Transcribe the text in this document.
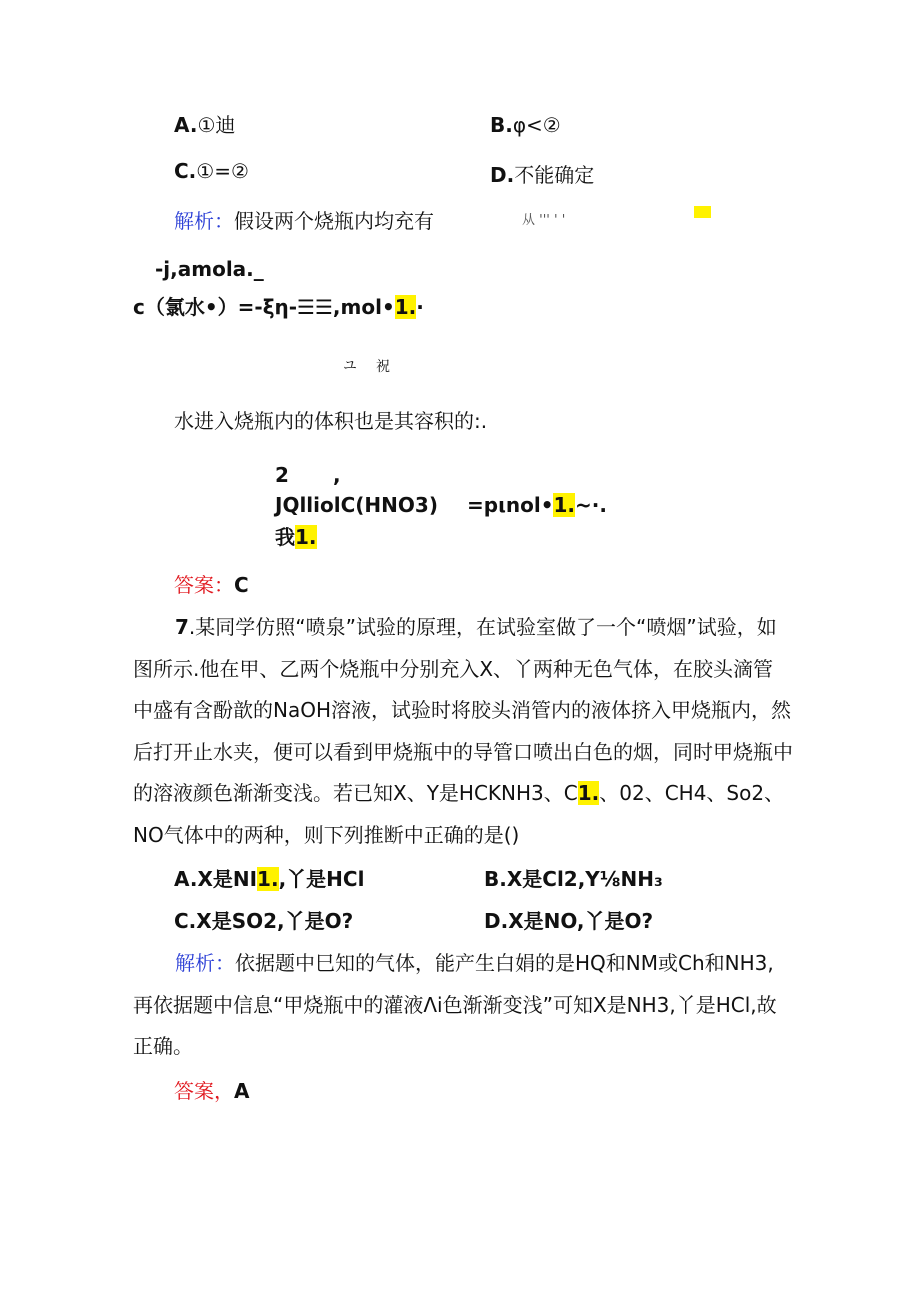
A.①迪	B.φ<②
C.①=②	D.不能确定
解析：假设两个烧瓶内均充有	从 ''' ' '
-j,amola._
c（氯水•）=-ξη-☰☰,mol•1.·
ユ 祝
水进入烧瓶内的体积也是其容积的:.
2 ,
JQlliolC(HNO3) =pιnol•1.~·.
我1.
答案：C
7.某同学仿照“喷泉”试验的原理，在试验室做了一个“喷烟”试验，如图所示.他在甲、乙两个烧瓶中分别充入X、丫两种无色气体，在胶头滴管中盛有含酚歆的NaOH溶液，试验时将胶头消管内的液体挤入甲烧瓶内，然后打开止水夹，便可以看到甲烧瓶中的导管口喷出白色的烟，同时甲烧瓶中的溶液颜色渐渐变浅。若已知X、Y是HCKNH3、C1.、02、CH4、So2、NO气体中的两种，则下列推断中正确的是()
A.X是NI1.,丫是HCl	B.X是Cl2,Y⅛NH₃
C.X是SO2,丫是O?	D.X是NO,丫是O?
解析：依据题中巳知的气体，能产生白娟的是HQ和NM或Ch和NH3,再依据题中信息“甲烧瓶中的灌液Λi色渐渐变浅”可知X是NH3,丫是HCl,故正确。
答案，A
